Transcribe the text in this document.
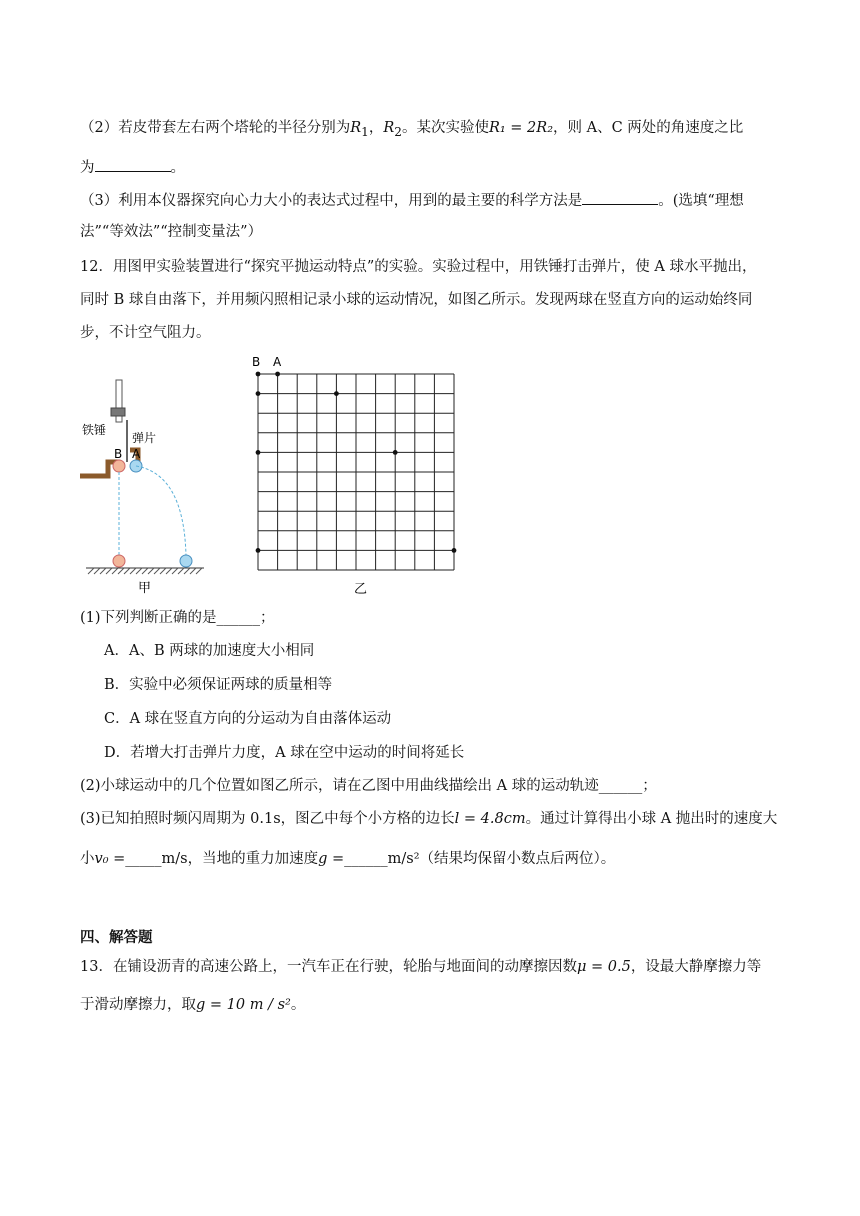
（2）若皮带套左右两个塔轮的半径分别为$R_1$，$R_2$。某次实验使R₁ = 2R₂，则 A、C 两处的角速度之比
为	。
（3）利用本仪器探究向心力大小的表达式过程中，用到的最主要的科学方法是	。(选填“理想
法”“等效法”“控制变量法”）
12．用图甲实验装置进行“探究平抛运动特点”的实验。实验过程中，用铁锤打击弹片，使 A 球水平抛出，
同时 B 球自由落下，并用频闪照相记录小球的运动情况，如图乙所示。发现两球在竖直方向的运动始终同
步，不计空气阻力。
铁锤
弹片
B A
甲
B A
乙
(1)下列判断正确的是______；
A．A、B 两球的加速度大小相同
B．实验中必须保证两球的质量相等
C．A 球在竖直方向的分运动为自由落体运动
D．若增大打击弹片力度，A 球在空中运动的时间将延长
(2)小球运动中的几个位置如图乙所示，请在乙图中用曲线描绘出 A 球的运动轨迹______；
(3)已知拍照时频闪周期为 0.1s，图乙中每个小方格的边长l = 4.8cm。通过计算得出小球 A 抛出时的速度大
小v₀ =_____m/s，当地的重力加速度g =______m/s²（结果均保留小数点后两位）。
四、解答题
13．在铺设沥青的高速公路上，一汽车正在行驶，轮胎与地面间的动摩擦因数μ = 0.5，设最大静摩擦力等
于滑动摩擦力，取g = 10 m / s²。
